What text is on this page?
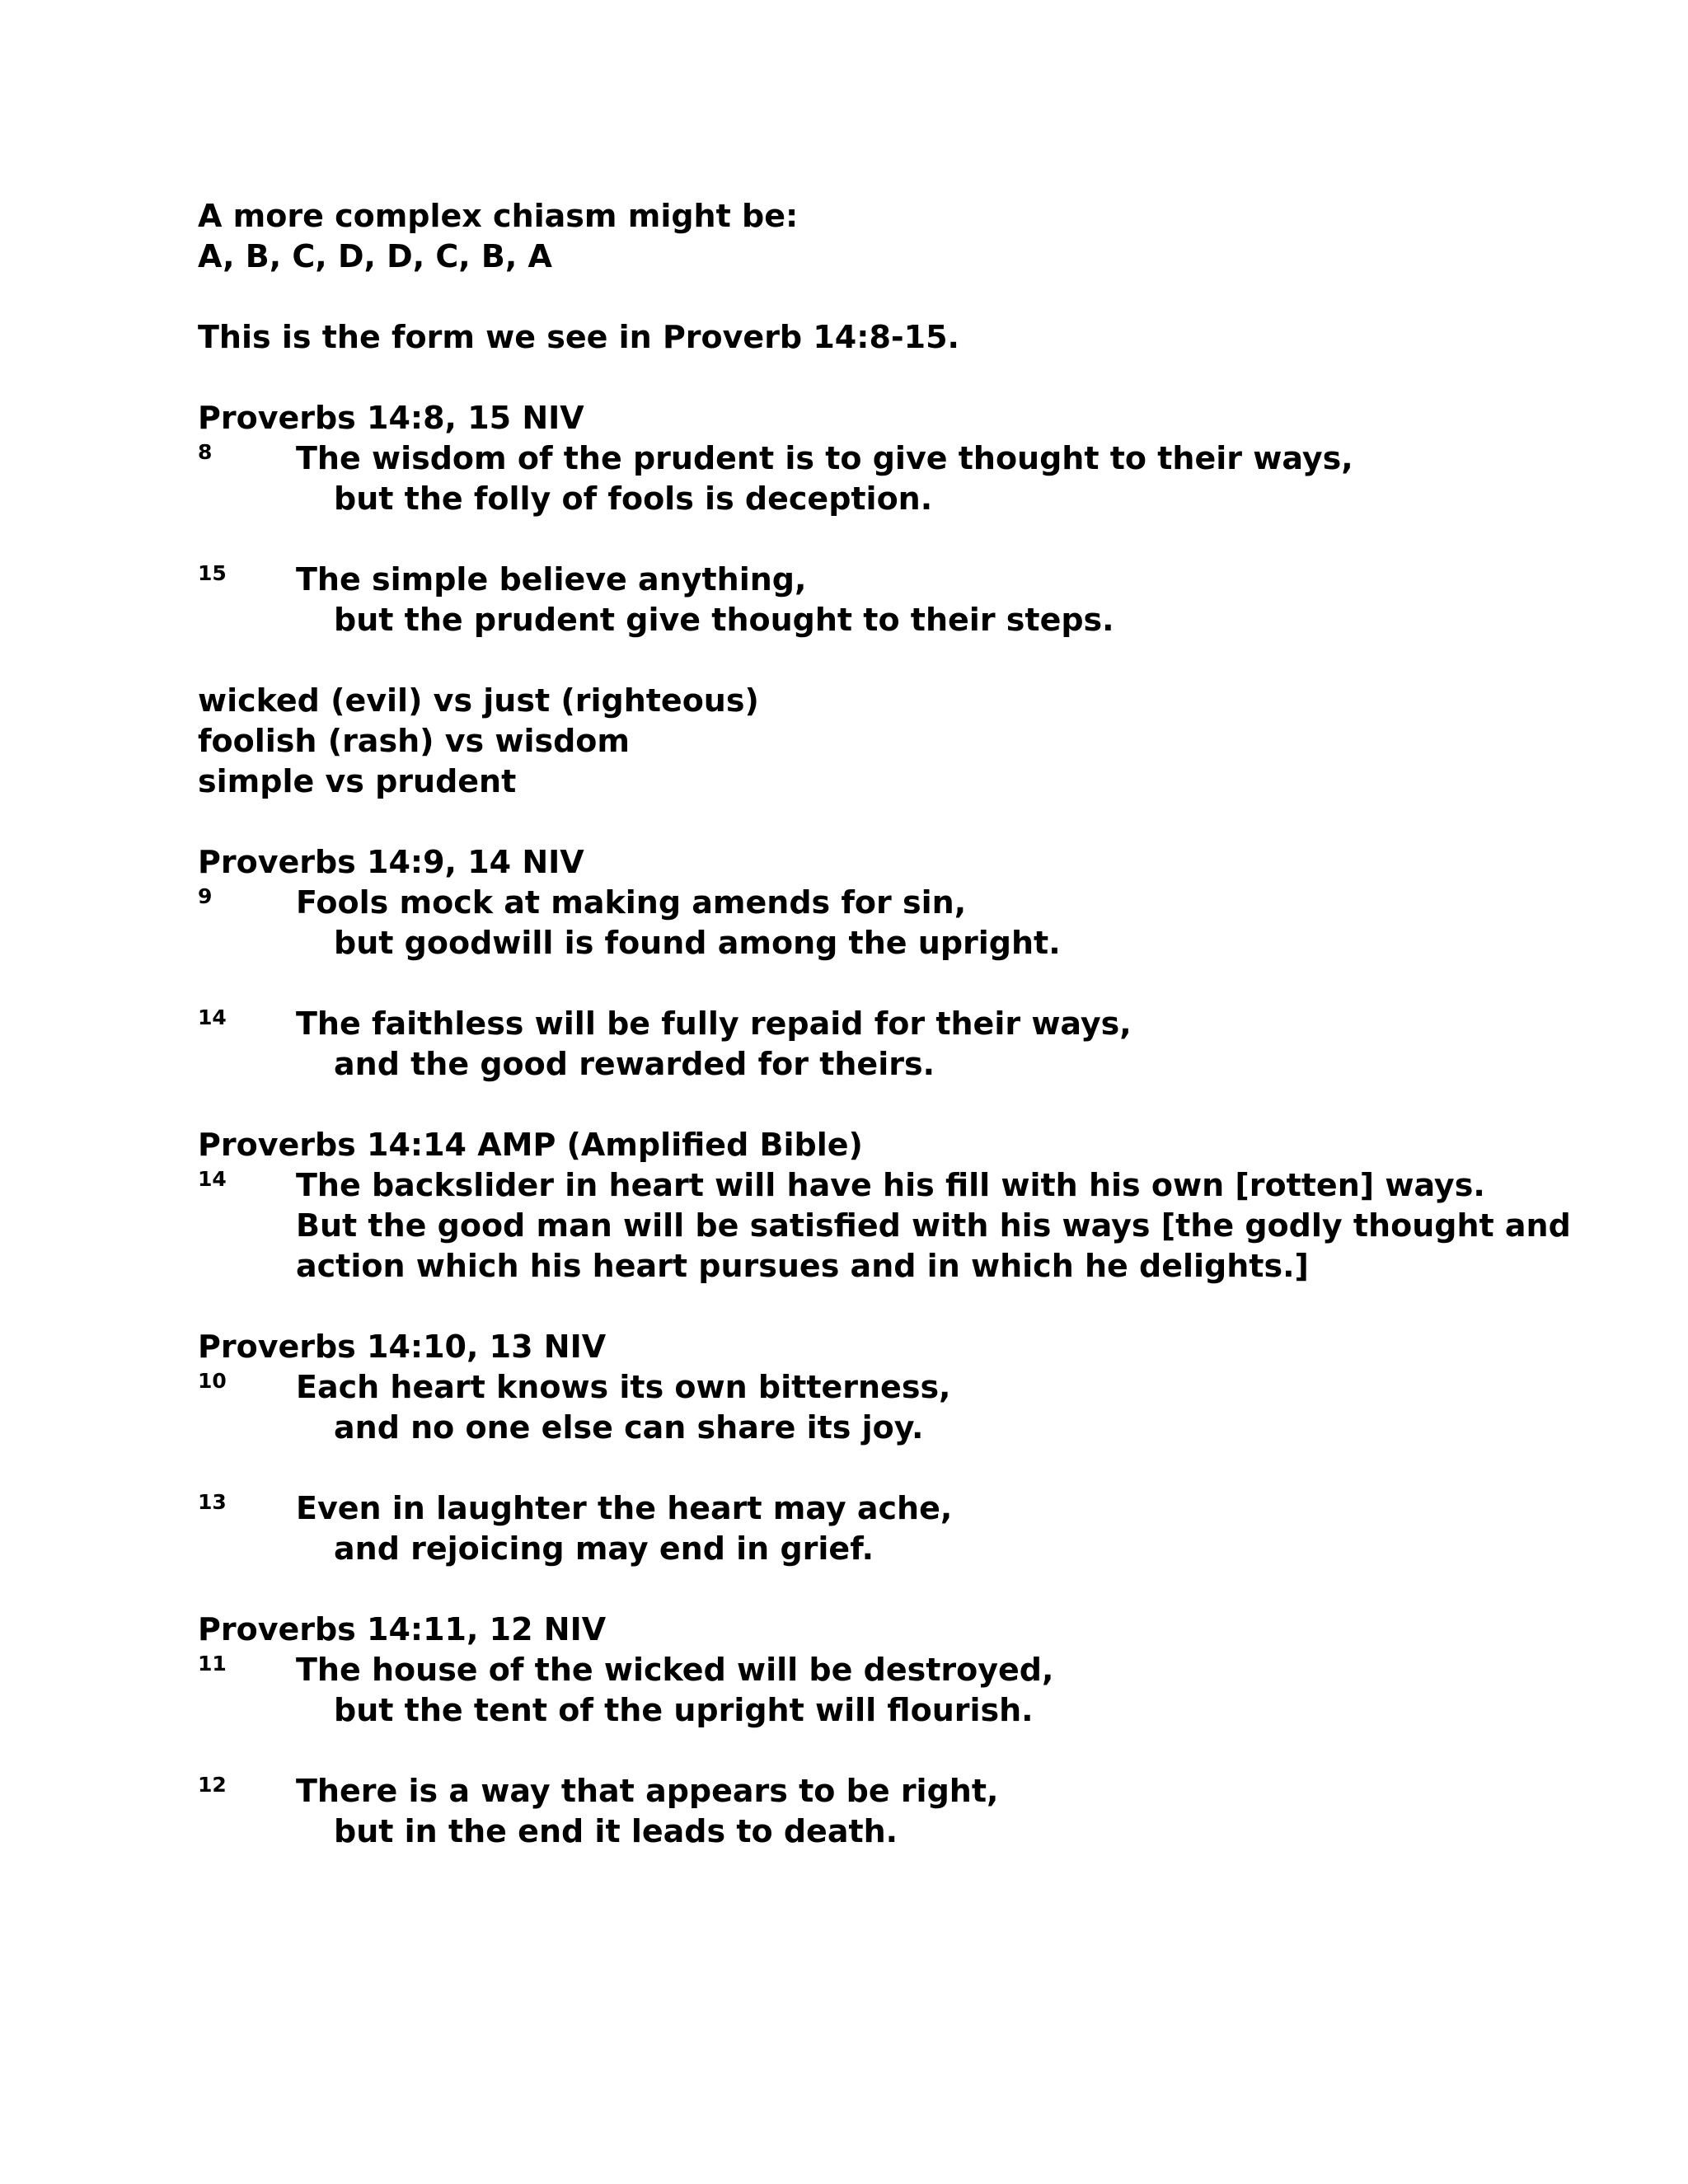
A more complex chiasm might be:
A, B, C, D, D, C, B, A
This is the form we see in Proverb 14:8-15.
Proverbs 14:8, 15 NIV
8	The wisdom of the prudent is to give thought to their ways,
but the folly of fools is deception.
15 The simple believe anything,
but the prudent give thought to their steps.
wicked (evil) vs just (righteous)
foolish (rash) vs wisdom
simple vs prudent
Proverbs 14:9, 14 NIV
9	Fools mock at making amends for sin,
but goodwill is found among the upright.
14 The faithless will be fully repaid for their ways,
and the good rewarded for theirs.
Proverbs 14:14 AMP (Amplified Bible)
14 The backslider in heart will have his fill with his own [rotten] ways.
But the good man will be satisfied with his ways [the godly thought and
action which his heart pursues and in which he delights.]
Proverbs 14:10, 13 NIV
10 Each heart knows its own bitterness,
and no one else can share its joy.
13 Even in laughter the heart may ache,
and rejoicing may end in grief.
Proverbs 14:11, 12 NIV
11 The house of the wicked will be destroyed,
but the tent of the upright will flourish.
12 There is a way that appears to be right,
but in the end it leads to death.
